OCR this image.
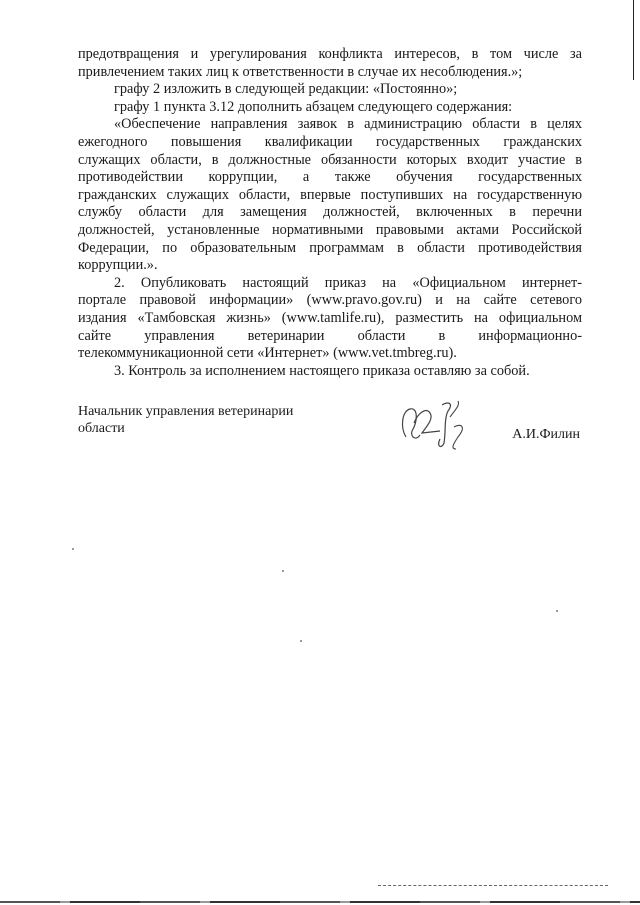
предотвращения и урегулирования конфликта интересов, в том числе за
привлечением таких лиц к ответственности в случае их несоблюдения.»;

графу 2 изложить в следующей редакции: «Постоянно»;

графу 1 пункта 3.12 дополнить абзацем следующего содержания:

«Обеспечение направления заявок в администрацию области в целях
ежегодного повышения квалификации государственных гражданских
служащих области, в должностные обязанности которых входит участие в
противодействии коррупции, а также обучения государственных
гражданских служащих области, впервые поступивших на государственную
службу области для замещения должностей, включенных в перечни
должностей, установленные нормативными правовыми актами Российской
Федерации, по образовательным программам в области противодействия
коррупции.».
2. Опубликовать настоящий приказ на «Официальном интернет-
портале правовой информации» (www.pravo.gov.ru) и на сайте сетевого
издания «Тамбовская жизнь» (www.tamlife.ru), разместить на официальном
сайте управления ветеринарии области в информационно-
телекоммуникационной сети «Интернет» (www.vet.tmbreg.ru).

3. Контроль за исполнением настоящего приказа оставляю за собой.

Начальник управления ветеринарии
области	А.И.Филин
